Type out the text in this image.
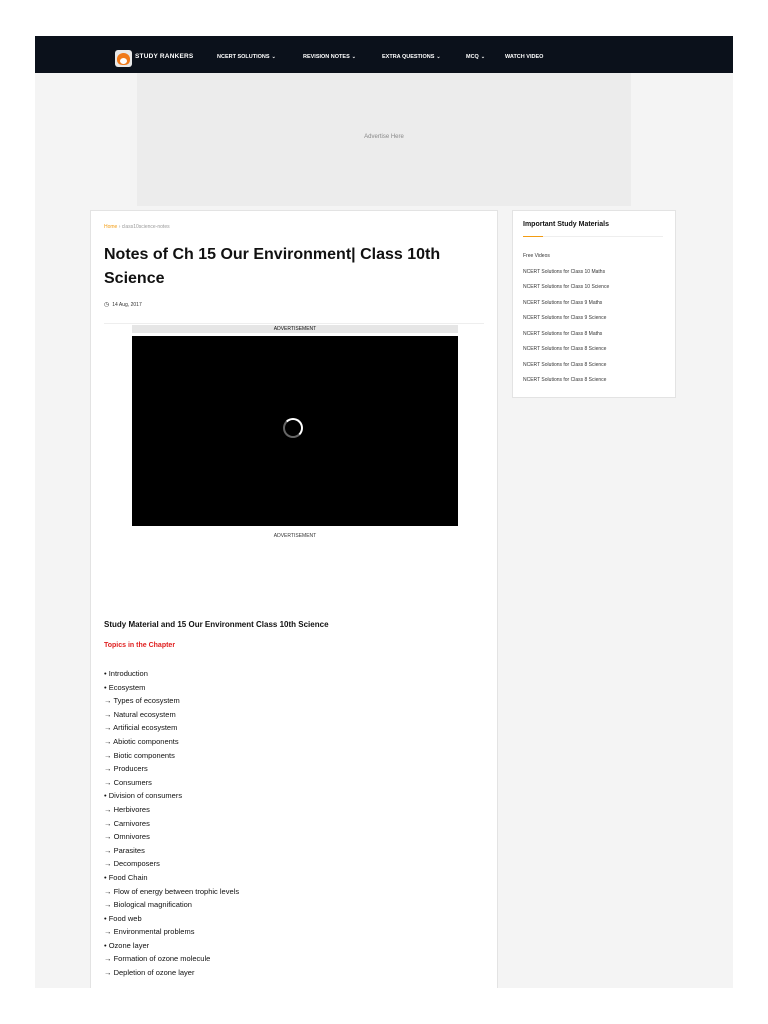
STUDY RANKERS	NCERT SOLUTIONS ⌄	REVISION NOTES ⌄	EXTRA QUESTIONS ⌄	MCQ ⌄	WATCH VIDEO
Advertise Here
Home › class10science-notes
Notes of Ch 15 Our Environment| Class 10th Science
◷ 14 Aug, 2017
ADVERTISEMENT
ADVERTISEMENT
Study Material and 15 Our Environment Class 10th Science
Topics in the Chapter
• Introduction
• Ecosystem
→ Types of ecosystem
→ Natural ecosystem
→ Artificial ecosystem
→ Abiotic components
→ Biotic components
→ Producers
→ Consumers
• Division of consumers
→ Herbivores
→ Carnivores
→ Omnivores
→ Parasites
→ Decomposers
• Food Chain
→ Flow of energy between trophic levels
→ Biological magnification
• Food web
→ Environmental problems
• Ozone layer
→ Formation of ozone molecule
→ Depletion of ozone layer
Important Study Materials
Free Videos
NCERT Solutions for Class 10 Maths
NCERT Solutions for Class 10 Science
NCERT Solutions for Class 9 Maths
NCERT Solutions for Class 9 Science
NCERT Solutions for Class 8 Maths
NCERT Solutions for Class 8 Science
NCERT Solutions for Class 8 Science
NCERT Solutions for Class 8 Science
